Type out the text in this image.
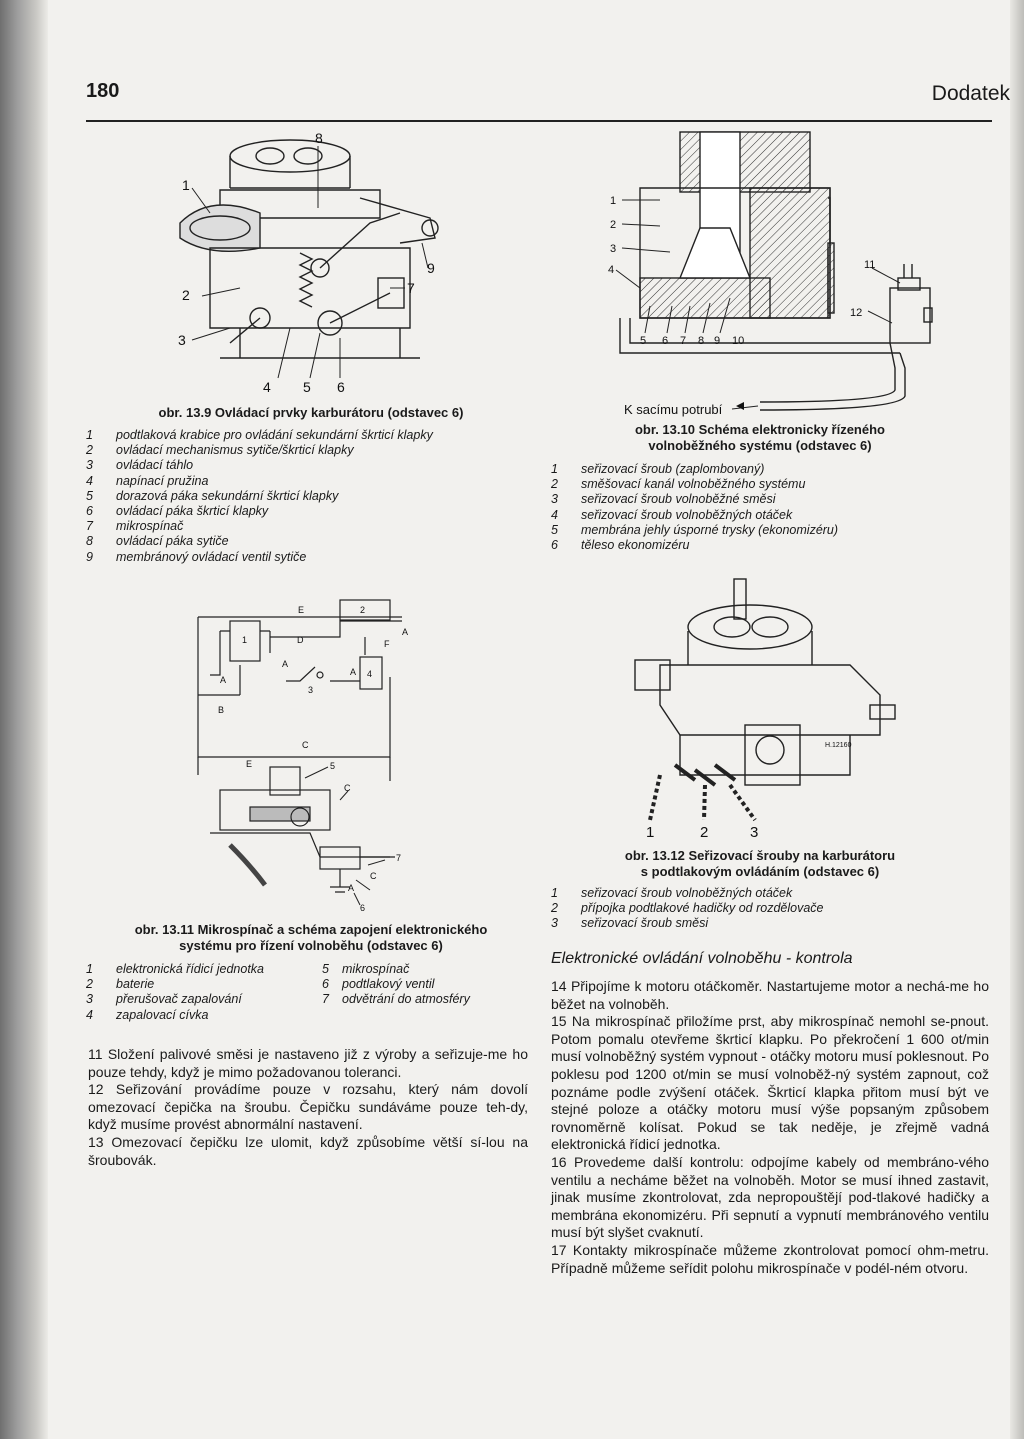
180	Dodatek
1
2
3
4 5 6
7
8
9
obr. 13.9 Ovládací prvky karburátoru (odstavec 6)
1 podtlaková krabice pro ovládání sekundární škrticí klapky
2 ovládací mechanismus sytiče/škrticí klapky
3 ovládací táhlo
4 napínací pružina
5 dorazová páka sekundární škrticí klapky
6 ovládací páka škrticí klapky
7 mikrospínač
8 ovládací páka sytiče
9 membránový ovládací ventil sytiče
1
2
3
4
5 6 7 8 9 10
11
12
K sacímu potrubí
obr. 13.10 Schéma elektronicky řízeného
volnoběžného systému (odstavec 6)
1 seřizovací šroub (zaplombovaný)
2 směšovací kanál volnoběžného systému
3 seřizovací šroub volnoběžné směsi
4 seřizovací šroub volnoběžných otáček
5 membrána jehly úsporné trysky (ekonomizéru)
6 těleso ekonomizéru
E	2
1	D	F
A
A
A
A
4
3
B
C
E	5
C
7
C
A
6
obr. 13.11 Mikrospínač a schéma zapojení elektronického
systému pro řízení volnoběhu (odstavec 6)
1 elektronická řídicí jednotka
2 baterie
3 přerušovač zapalování
4 zapalovací cívka
5 mikrospínač
6 podtlakový ventil
7 odvětrání do atmosféry
1	2	3
H.12160
obr. 13.12 Seřizovací šrouby na karburátoru
s podtlakovým ovládáním (odstavec 6)
1 seřizovací šroub volnoběžných otáček
2 přípojka podtlakové hadičky od rozdělovače
3 seřizovací šroub směsi

11 Složení palivové směsi je nastaveno již z výroby a seřizuje-me ho pouze tehdy, když je mimo požadovanou toleranci.

12 Seřizování provádíme pouze v rozsahu, který nám dovolí omezovací čepička na šroubu. Čepičku sundáváme pouze teh-dy, když musíme provést abnormální nastavení.

13 Omezovací čepičku lze ulomit, když způsobíme větší sí-lou na šroubovák.

Elektronické ovládání volnoběhu - kontrola

14 Připojíme k motoru otáčkoměr. Nastartujeme motor a nechá-me ho běžet na volnoběh.

15 Na mikrospínač přiložíme prst, aby mikrospínač nemohl se-pnout. Potom pomalu otevřeme škrticí klapku. Po překročení 1 600 ot/min musí volnoběžný systém vypnout - otáčky motoru musí poklesnout. Po poklesu pod 1200 ot/min se musí volnoběž-ný systém zapnout, což poznáme podle zvýšení otáček. Škrticí klapka přitom musí být ve stejné poloze a otáčky motoru musí výše popsaným způsobem rovnoměrně kolísat. Pokud se tak neděje, je zřejmě vadná elektronická řídicí jednotka.

16 Provedeme další kontrolu: odpojíme kabely od membráno-vého ventilu a necháme běžet na volnoběh. Motor se musí ihned zastavit, jinak musíme zkontrolovat, zda nepropouštějí pod-tlakové hadičky a membrána ekonomizéru. Při sepnutí a vypnutí membránového ventilu musí být slyšet cvaknutí.

17 Kontakty mikrospínače můžeme zkontrolovat pomocí ohm-metru. Případně můžeme seřídit polohu mikrospínače v podél-ném otvoru.
